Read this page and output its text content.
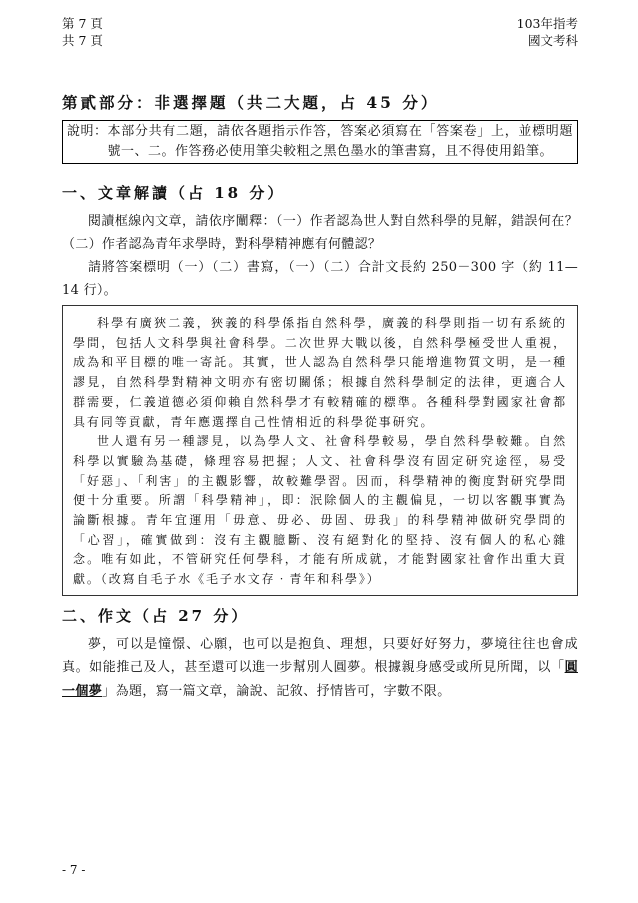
第 7 頁
共 7 頁
103年指考
國文考科
第貳部分：非選擇題（共二大題，占 45 分）
說明： 本部分共有二題，請依各題指示作答，答案必須寫在「答案卷」上，並標明題號一、二。作答務必使用筆尖較粗之黑色墨水的筆書寫，且不得使用鉛筆。
一、文章解讀（占 18 分）

閱讀框線內文章，請依序闡釋：（一）作者認為世人對自然科學的見解，錯誤何在？（二）作者認為青年求學時，對科學精神應有何體認？

請將答案標明（一）（二）書寫，（一）（二）合計文長約 250－300 字（約 11—14 行）。

科學有廣狹二義，狹義的科學係指自然科學，廣義的科學則指一切有系統的學問，包括人文科學與社會科學。二次世界大戰以後，自然科學極受世人重視，成為和平目標的唯一寄託。其實，世人認為自然科學只能增進物質文明，是一種謬見，自然科學對精神文明亦有密切關係；根據自然科學制定的法律，更適合人群需要，仁義道德必須仰賴自然科學才有較精確的標準。各種科學對國家社會都具有同等貢獻，青年應選擇自己性情相近的科學從事研究。

世人還有另一種謬見，以為學人文、社會科學較易，學自然科學較難。自然科學以實驗為基礎，條理容易把握；人文、社會科學沒有固定研究途徑，易受「好惡」、「利害」的主觀影響，故較難學習。因而，科學精神的衡度對研究學問便十分重要。所謂「科學精神」，即：泯除個人的主觀偏見，一切以客觀事實為論斷根據。青年宜運用「毋意、毋必、毋固、毋我」的科學精神做研究學問的「心習」，確實做到：沒有主觀臆斷、沒有絕對化的堅持、沒有個人的私心雜念。唯有如此，不管研究任何學科，才能有所成就，才能對國家社會作出重大貢獻。（改寫自毛子水《毛子水文存‧青年和科學》）

二、作文（占 27 分）

夢，可以是憧憬、心願，也可以是抱負、理想，只要好好努力，夢境往往也會成真。如能推己及人，甚至還可以進一步幫別人圓夢。根據親身感受或所見所聞，以「圓一個夢」為題，寫一篇文章，論說、記敘、抒情皆可，字數不限。

- 7 -
